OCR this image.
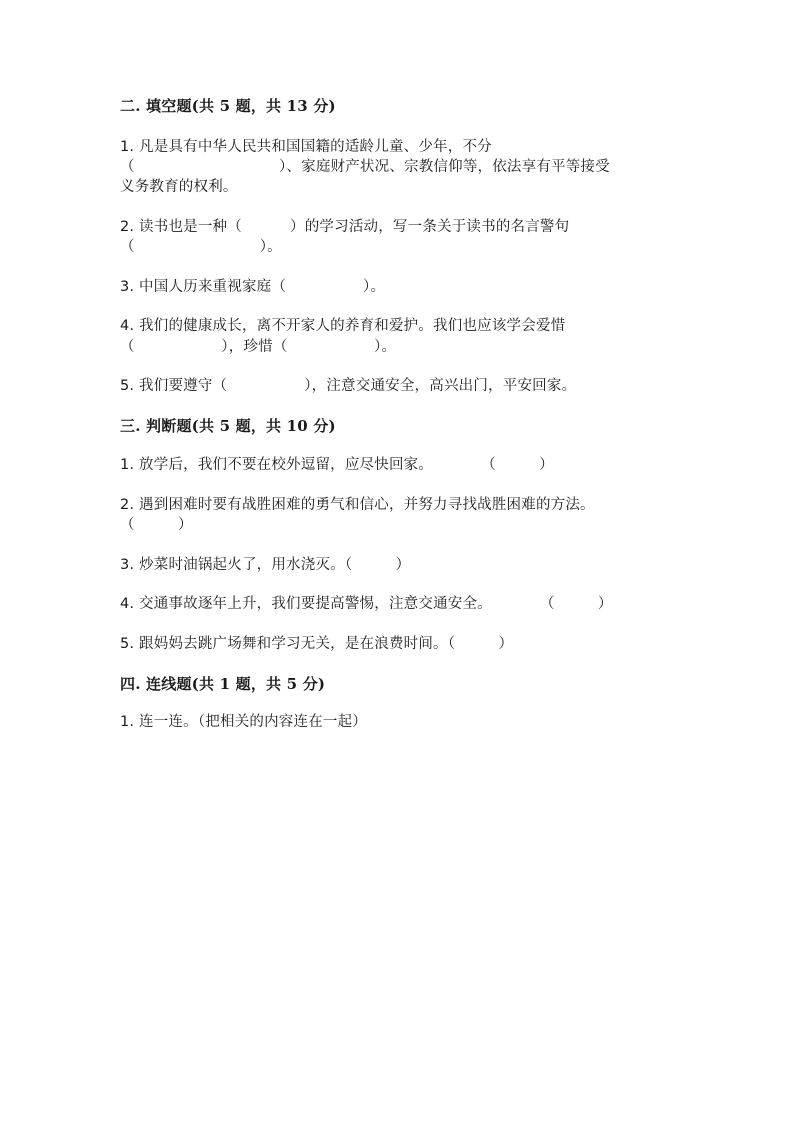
二. 填空题(共 5 题，共 13 分)
1. 凡是具有中华人民共和国国籍的适龄儿童、少年，不分
（                              ）、家庭财产状况、宗教信仰等，依法享有平等接受
义务教育的权利。
2. 读书也是一种（          ）的学习活动，写一条关于读书的名言警句
（                          ）。
3. 中国人历来重视家庭（                ）。
4. 我们的健康成长，离不开家人的养育和爱护。我们也应该学会爱惜
（                  ），珍惜（                  ）。
5. 我们要遵守（                ），注意交通安全，高兴出门，平安回家。
三. 判断题(共 5 题，共 10 分)
1. 放学后，我们不要在校外逗留，应尽快回家。          （         ）
2. 遇到困难时要有战胜困难的勇气和信心，并努力寻找战胜困难的方法。
（         ）
3. 炒菜时油锅起火了，用水浇灭。（         ）
4. 交通事故逐年上升，我们要提高警惕，注意交通安全。          （         ）
5. 跟妈妈去跳广场舞和学习无关，是在浪费时间。（         ）
四. 连线题(共 1 题，共 5 分)
1. 连一连。（把相关的内容连在一起）
